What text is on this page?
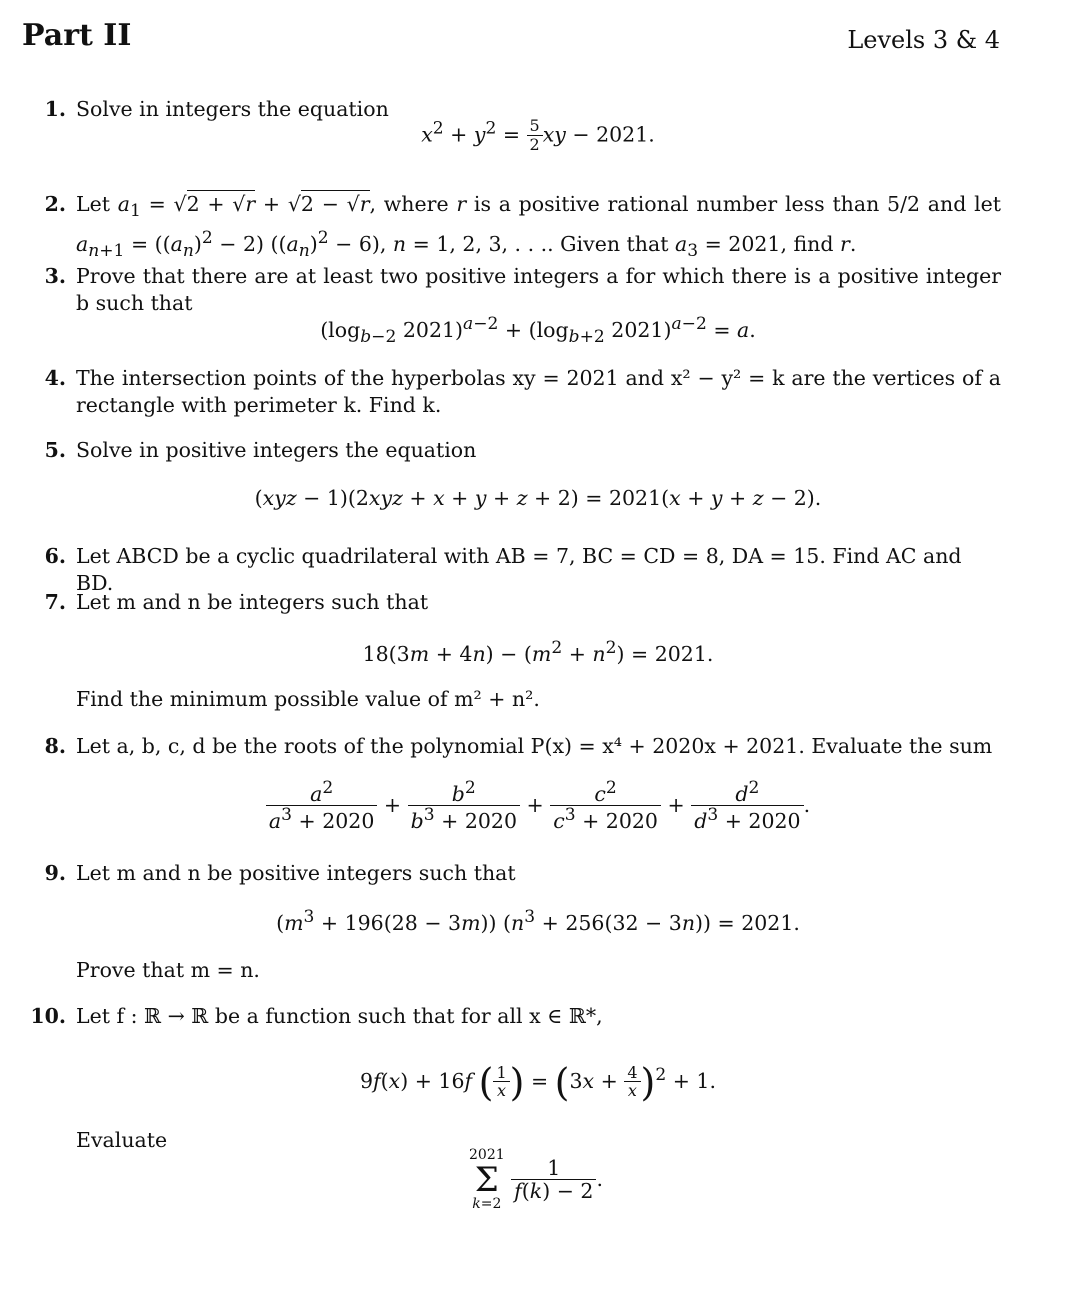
Part II	Levels 3 & 4
1. Solve in integers the equation
$x^2 + y^2 = \frac{5}{2}$ xy − 2021.
2. Let $a_1 = √2 + √r + √2 - √r$, where r is a positive rational number less than 5/2 and let $a_{n+1} = ((a_n)^2 - 2) ((a_n)^2 - 6)$, n = 1, 2, 3, . . .. Given that $a_3 = 2021$, find r.
3. Prove that there are at least two positive integers a for which there is a positive integer b such that
($\log_{b-2}$ $2021)^{a-2} + (\log_{b+2}$ 2021)$^{a-2}$ = a.
4. The intersection points of the hyperbolas xy = 2021 and x² − y² = k are the vertices of a rectangle with perimeter k. Find k.
5. Solve in positive integers the equation
(xyz − 1)(2xyz + x + y + z + 2) = 2021(x + y + z − 2).
6. Let ABCD be a cyclic quadrilateral with AB = 7, BC = CD = 8, DA = 15. Find AC and BD.
7. Let m and n be integers such that
$18(3m + 4n) - (m^2 + n^2) = 2021$.
Find the minimum possible value of m² + n².
8. Let a, b, c, d be the roots of the polynomial P(x) = x⁴ + 2020x + 2021. Evaluate the sum
$\frac{a^2}{a^3 + 2020} + \frac{b^2}{b^3 + 2020} + \frac{c^2}{c^3 + 2020} + \frac{d^2}{d^3 + 2020}$ .
9. Let m and n be positive integers such that
$(m^3 + 196(28 - 3m)) (n^3 + 256(32 - 3n)) = 2021$.
Prove that m = n.
10. Let f : ℝ → ℝ be a function such that for all x ∈ ℝ*,
9f(x) + 16f ( $\frac{1}{x}$ ) = $(3x + \frac{4}{x} )^2 + 1$.
Evaluate
2021
Σ
k=2
$\frac{1}{f(k) - 2}$ .
